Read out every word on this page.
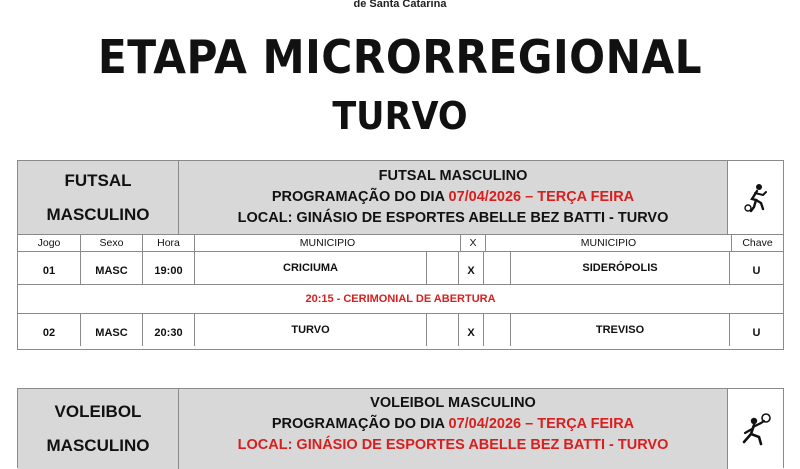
de Santa Catarina
ETAPA MICRORREGIONAL
TURVO
FUTSAL
MASCULINO
FUTSAL MASCULINO
PROGRAMAÇÃO DO DIA 07/04/2026 – TERÇA FEIRA
LOCAL: GINÁSIO DE ESPORTES ABELLE BEZ BATTI - TURVO
Jogo	Sexo	Hora	MUNICIPIO	X	MUNICIPIO	Chave
01	MASC	19:00	CRICIUMA	X	SIDERÓPOLIS	U
20:15 - CERIMONIAL DE ABERTURA
02	MASC	20:30	TURVO	X	TREVISO	U
VOLEIBOL
MASCULINO
VOLEIBOL MASCULINO
PROGRAMAÇÃO DO DIA 07/04/2026 – TERÇA FEIRA
LOCAL: GINÁSIO DE ESPORTES ABELLE BEZ BATTI - TURVO
